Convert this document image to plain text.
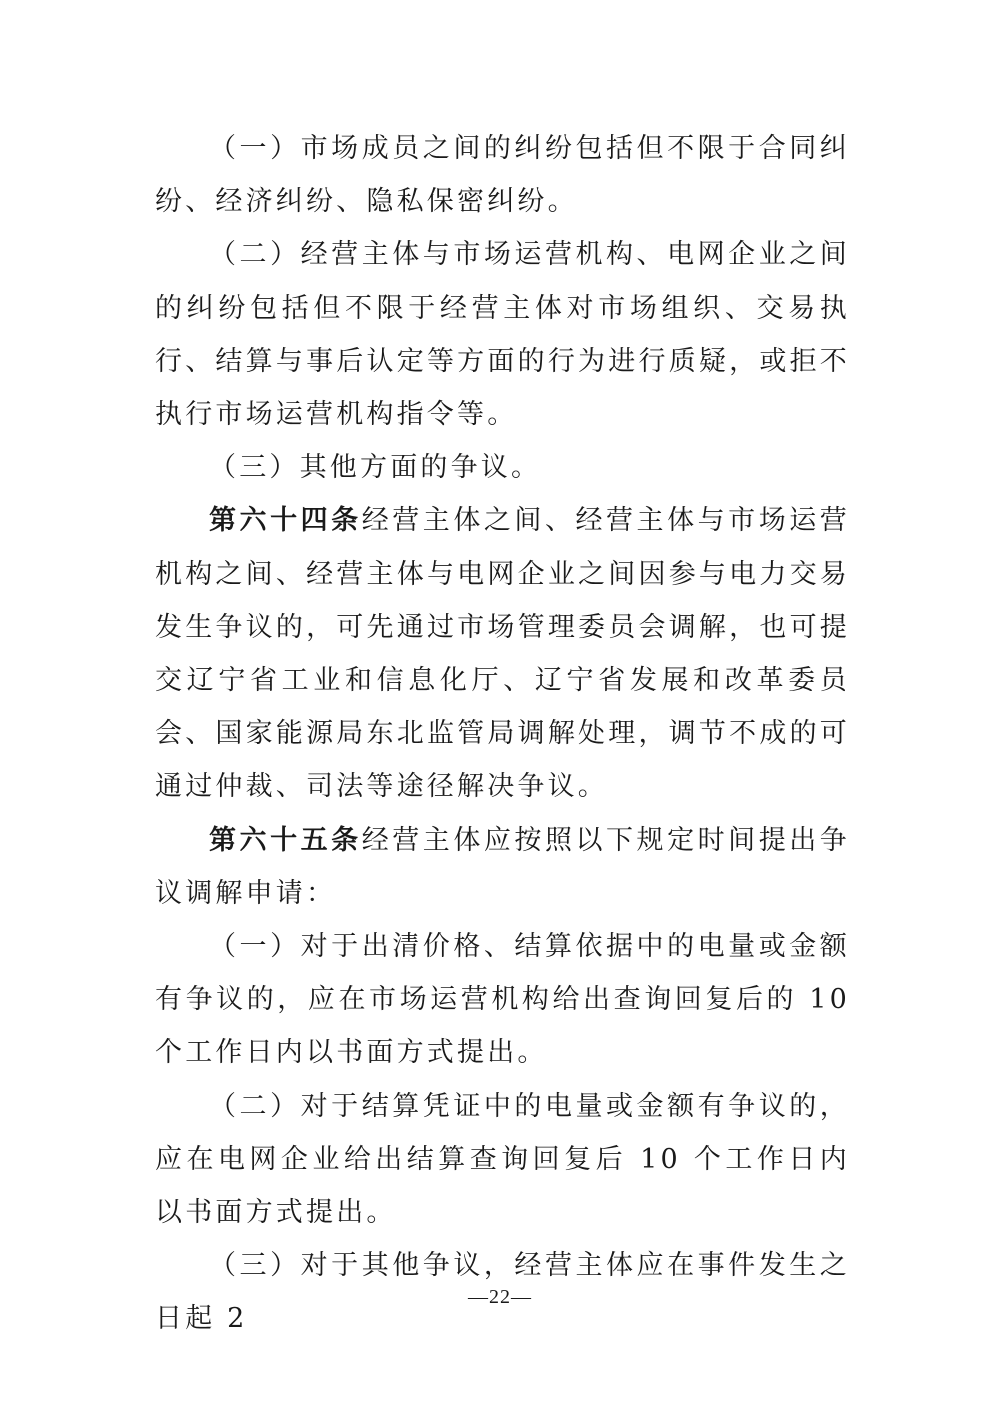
（一）市场成员之间的纠纷包括但不限于合同纠纷、经济纠纷、隐私保密纠纷。

（二）经营主体与市场运营机构、电网企业之间的纠纷包括但不限于经营主体对市场组织、交易执行、结算与事后认定等方面的行为进行质疑，或拒不执行市场运营机构指令等。

（三）其他方面的争议。

第六十四条经营主体之间、经营主体与市场运营机构之间、经营主体与电网企业之间因参与电力交易发生争议的，可先通过市场管理委员会调解，也可提交辽宁省工业和信息化厅、辽宁省发展和改革委员会、国家能源局东北监管局调解处理，调节不成的可通过仲裁、司法等途径解决争议。

第六十五条经营主体应按照以下规定时间提出争议调解申请：

（一）对于出清价格、结算依据中的电量或金额有争议的，应在市场运营机构给出查询回复后的 10 个工作日内以书面方式提出。

（二）对于结算凭证中的电量或金额有争议的，应在电网企业给出结算查询回复后 10 个工作日内以书面方式提出。

（三）对于其他争议，经营主体应在事件发生之日起 2

—22—
